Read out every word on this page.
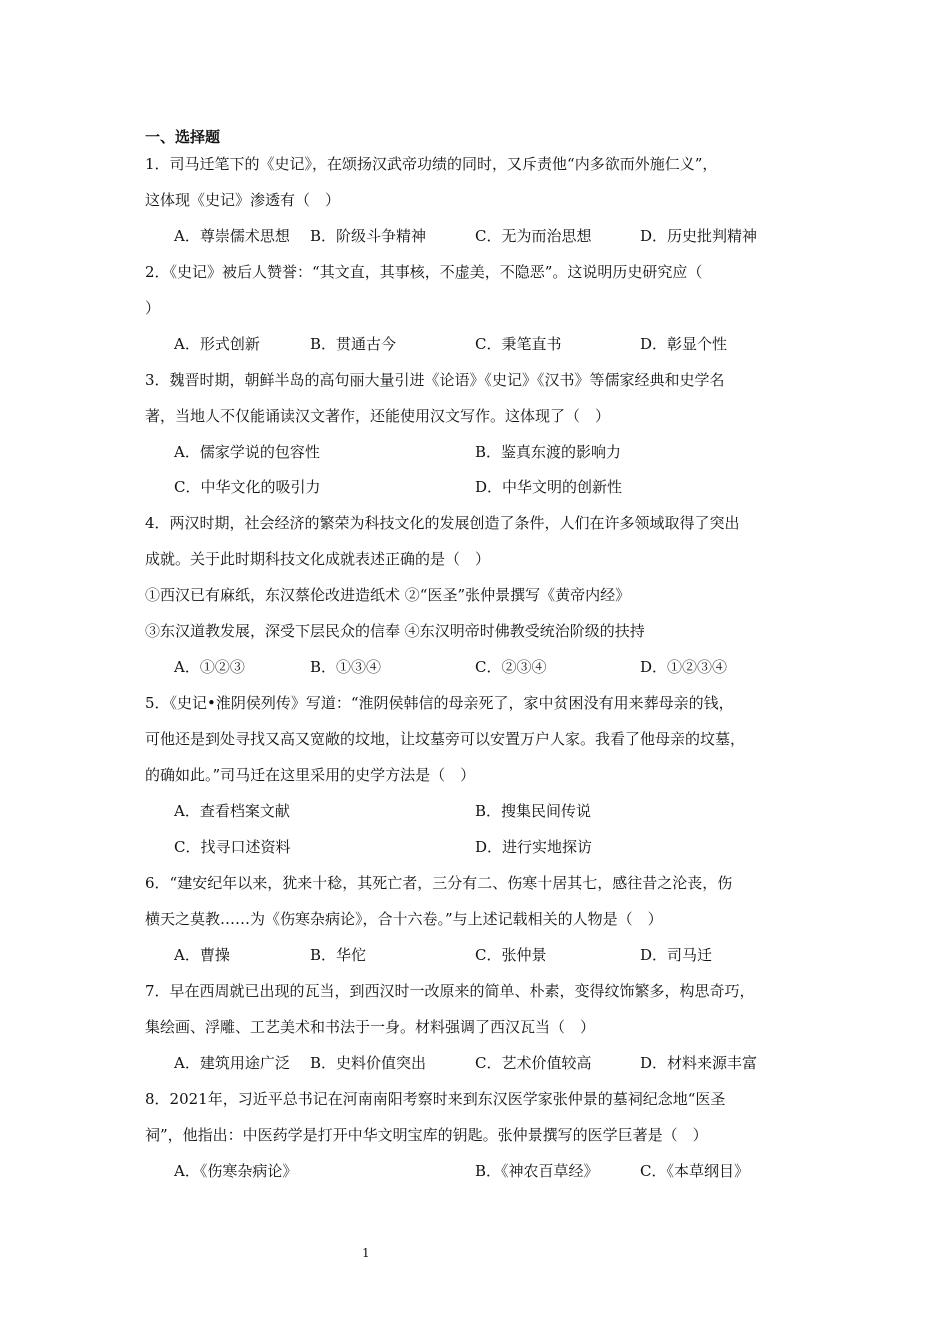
一、选择题
1．司马迁笔下的《史记》，在颂扬汉武帝功绩的同时，又斥责他“内多欲而外施仁义”，
这体现《史记》渗透有（　）
A．尊崇儒术思想 B．阶级斗争精神	C．无为而治思想	D．历史批判精神
2．《史记》被后人赞誉：“其文直，其事核，不虚美，不隐恶”。这说明历史研究应（
）
A．形式创新	B．贯通古今	C．秉笔直书	D．彰显个性
3．魏晋时期，朝鲜半岛的高句丽大量引进《论语》《史记》《汉书》等儒家经典和史学名
著，当地人不仅能诵读汉文著作，还能使用汉文写作。这体现了（　）
A．儒家学说的包容性	B．鉴真东渡的影响力
C．中华文化的吸引力	D．中华文明的创新性
4．两汉时期，社会经济的繁荣为科技文化的发展创造了条件，人们在许多领域取得了突出
成就。关于此时期科技文化成就表述正确的是（　）
①西汉已有麻纸，东汉蔡伦改进造纸术 ②“医圣”张仲景撰写《黄帝内经》
③东汉道教发展，深受下层民众的信奉 ④东汉明帝时佛教受统治阶级的扶持
A．①②③	B．①③④	C．②③④	D．①②③④
5．《史记•淮阴侯列传》写道：“淮阴侯韩信的母亲死了，家中贫困没有用来葬母亲的钱，
可他还是到处寻找又高又宽敞的坟地，让坟墓旁可以安置万户人家。我看了他母亲的坟墓，
的确如此。”司马迁在这里采用的史学方法是（　）
A．查看档案文献	B．搜集民间传说
C．找寻口述资料	D．进行实地探访
6．“建安纪年以来，犹来十稔，其死亡者，三分有二、伤寒十居其七，感往昔之沦丧，伤
横天之莫教……为《伤寒杂病论》，合十六卷。”与上述记载相关的人物是（　）
A．曹操	B．华佗	C．张仲景	D．司马迁
7．早在西周就已出现的瓦当，到西汉时一改原来的简单、朴素，变得纹饰繁多，构思奇巧，
集绘画、浮雕、工艺美术和书法于一身。材料强调了西汉瓦当（　）
A．建筑用途广泛 B．史料价值突出	C．艺术价值较高	D．材料来源丰富
8．2021年，习近平总书记在河南南阳考察时来到东汉医学家张仲景的墓祠纪念地“医圣
祠”，他指出：中医药学是打开中华文明宝库的钥匙。张仲景撰写的医学巨著是（　）
A．《伤寒杂病论》	B．《神农百草经》	C．《本草纲目》
1
